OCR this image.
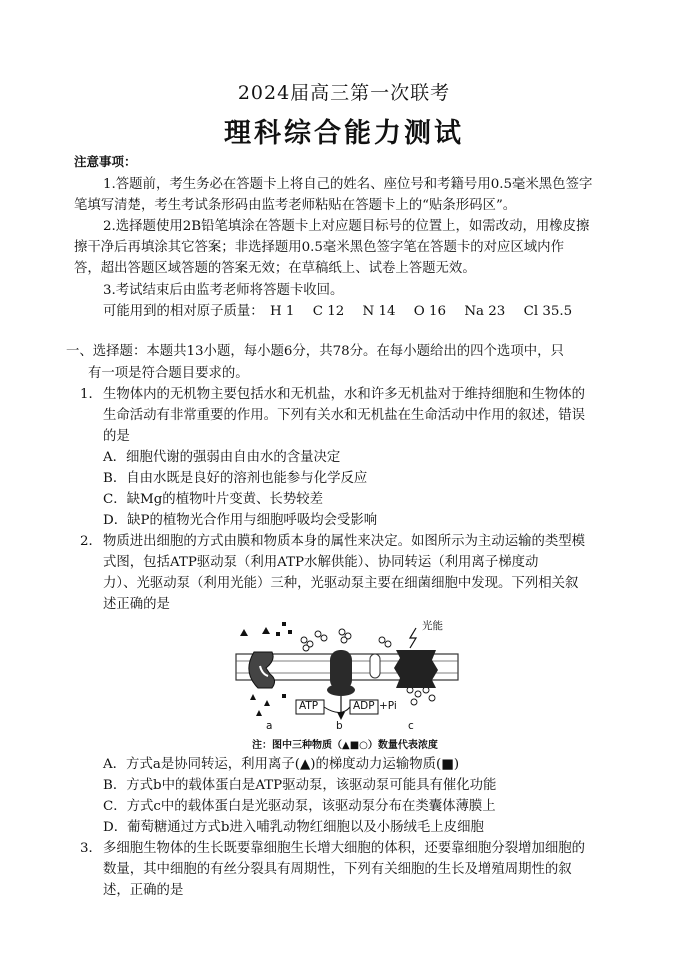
2024届高三第一次联考
理科综合能力测试
注意事项：
1.答题前，考生务必在答题卡上将自己的姓名、座位号和考籍号用0.5毫米黑色签字
笔填写清楚，考生考试条形码由监考老师粘贴在答题卡上的“贴条形码区”。
2.选择题使用2B铅笔填涂在答题卡上对应题目标号的位置上，如需改动，用橡皮擦
擦干净后再填涂其它答案；非选择题用0.5毫米黑色签字笔在答题卡的对应区域内作
答，超出答题区域答题的答案无效；在草稿纸上、试卷上答题无效。
3.考试结束后由监考老师将答题卡收回。
可能用到的相对原子质量： H 1 C 12 N 14 O 16 Na 23 Cl 35.5
一、选择题：本题共13小题，每小题6分，共78分。在每小题给出的四个选项中，只
有一项是符合题目要求的。
1． 生物体内的无机物主要包括水和无机盐，水和许多无机盐对于维持细胞和生物体的
生命活动有非常重要的作用。下列有关水和无机盐在生命活动中作用的叙述，错误
的是
A．细胞代谢的强弱由自由水的含量决定
B．自由水既是良好的溶剂也能参与化学反应
C．缺Mg的植物叶片变黄、长势较差
D．缺P的植物光合作用与细胞呼吸均会受影响
2． 物质进出细胞的方式由膜和物质本身的属性来决定。如图所示为主动运输的类型模
式图，包括ATP驱动泵（利用ATP水解供能）、协同转运（利用离子梯度动
力）、光驱动泵（利用光能）三种，光驱动泵主要在细菌细胞中发现。下列相关叙
述正确的是
光能
ATP	ADP +Pi
a	b	c
注：图中三种物质（▲■○）数量代表浓度
A．方式a是协同转运，利用离子(▲)的梯度动力运输物质(■)
B．方式b中的载体蛋白是ATP驱动泵，该驱动泵可能具有催化功能
C．方式c中的载体蛋白是光驱动泵，该驱动泵分布在类囊体薄膜上
D．葡萄糖通过方式b进入哺乳动物红细胞以及小肠绒毛上皮细胞
3． 多细胞生物体的生长既要靠细胞生长增大细胞的体积，还要靠细胞分裂增加细胞的
数量，其中细胞的有丝分裂具有周期性，下列有关细胞的生长及增殖周期性的叙
述，正确的是
